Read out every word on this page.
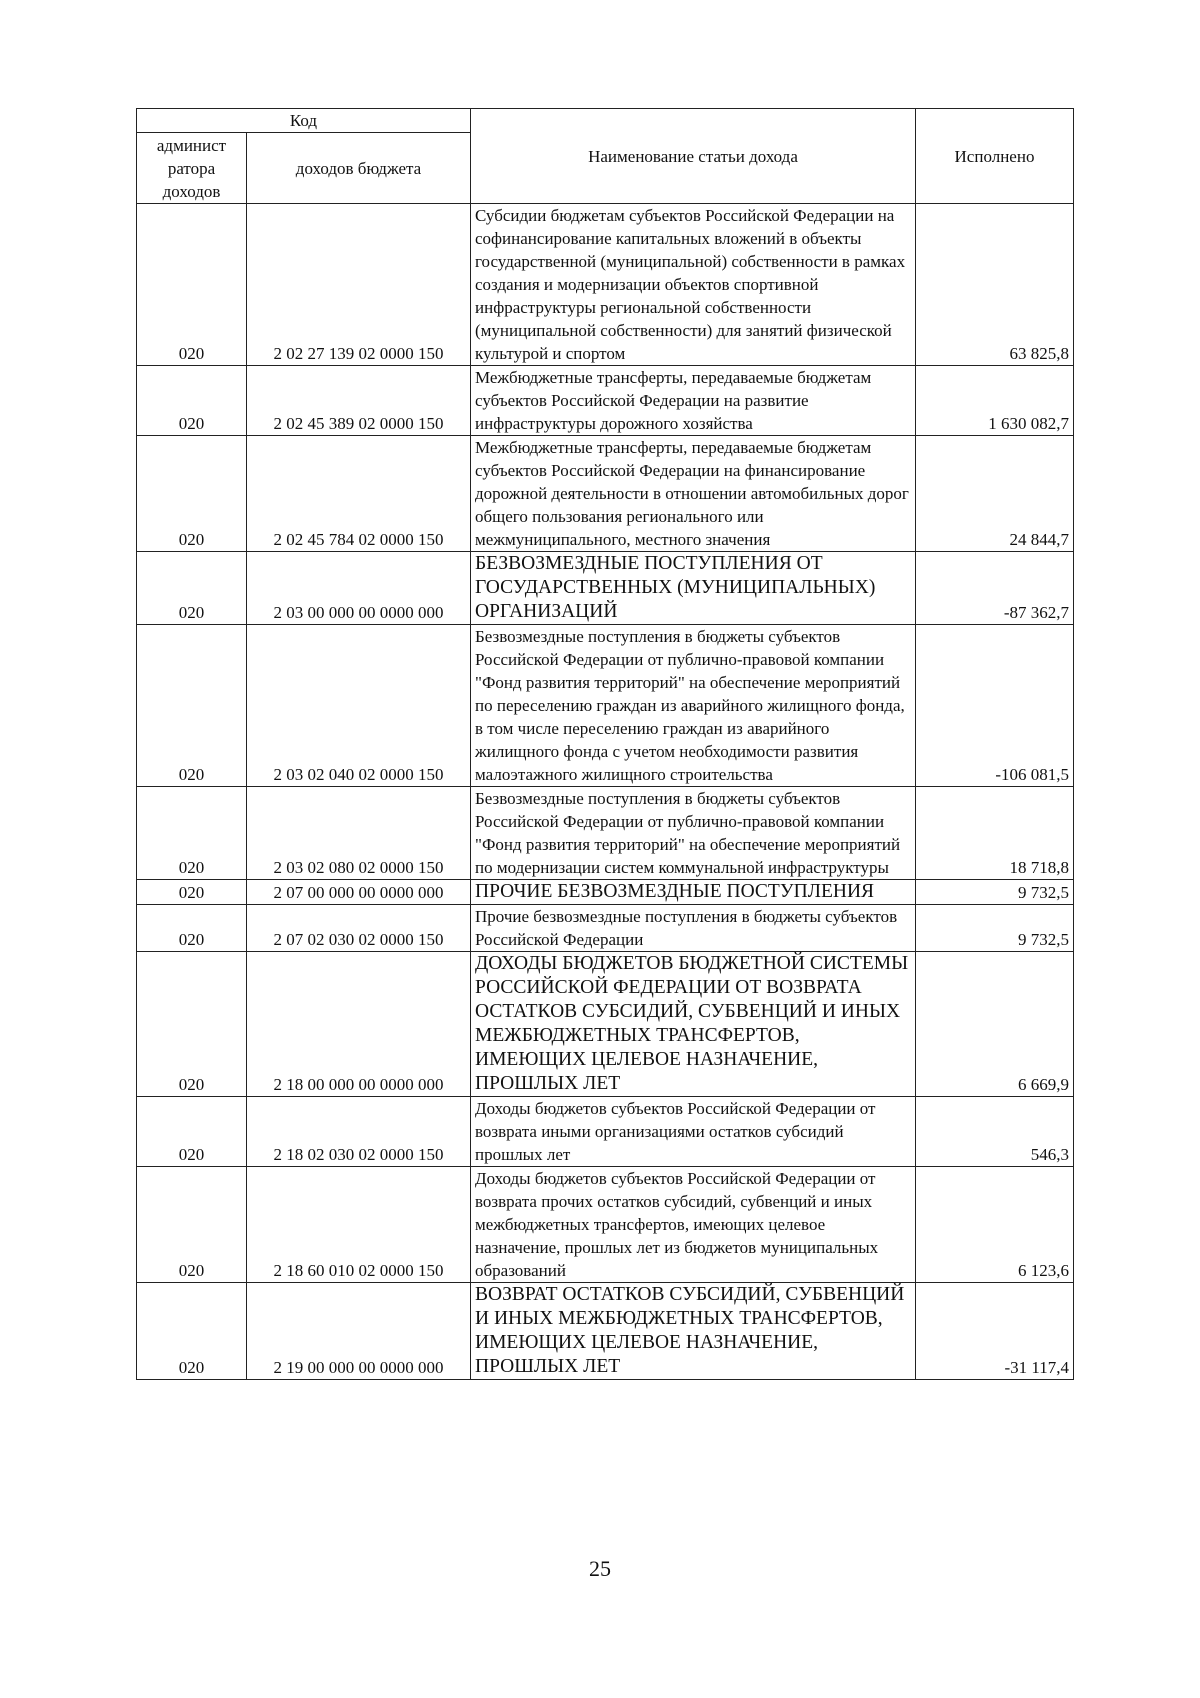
Код		Наименование статьи дохода	Исполнено
админист ратора доходов	доходов бюджета		
020	2 02 27 139 02 0000 150	Субсидии бюджетам субъектов Российской Федерации на софинансирование капитальных вложений в объекты государственной (муниципальной) собственности в рамках создания и модернизации объектов спортивной инфраструктуры региональной собственности (муниципальной собственности) для занятий физической культурой и спортом	63 825,8
020	2 02 45 389 02 0000 150	Межбюджетные трансферты, передаваемые бюджетам субъектов Российской Федерации на развитие инфраструктуры дорожного хозяйства	1 630 082,7
020	2 02 45 784 02 0000 150	Межбюджетные трансферты, передаваемые бюджетам субъектов Российской Федерации на финансирование дорожной деятельности в отношении автомобильных дорог общего пользования регионального или межмуниципального, местного значения	24 844,7
020	2 03 00 000 00 0000 000	БЕЗВОЗМЕЗДНЫЕ ПОСТУПЛЕНИЯ ОТ ГОСУДАРСТВЕННЫХ (МУНИЦИПАЛЬНЫХ) ОРГАНИЗАЦИЙ	-87 362,7
020	2 03 02 040 02 0000 150	Безвозмездные поступления в бюджеты субъектов Российской Федерации от публично-правовой компании "Фонд развития территорий" на обеспечение мероприятий по переселению граждан из аварийного жилищного фонда, в том числе переселению граждан из аварийного жилищного фонда с учетом необходимости развития малоэтажного жилищного строительства	-106 081,5
020	2 03 02 080 02 0000 150	Безвозмездные поступления в бюджеты субъектов Российской Федерации от публично-правовой компании "Фонд развития территорий" на обеспечение мероприятий по модернизации систем коммунальной инфраструктуры	18 718,8
020	2 07 00 000 00 0000 000	ПРОЧИЕ БЕЗВОЗМЕЗДНЫЕ ПОСТУПЛЕНИЯ	9 732,5
020	2 07 02 030 02 0000 150	Прочие безвозмездные поступления в бюджеты субъектов Российской Федерации	9 732,5
020	2 18 00 000 00 0000 000	ДОХОДЫ БЮДЖЕТОВ БЮДЖЕТНОЙ СИСТЕМЫ РОССИЙСКОЙ ФЕДЕРАЦИИ ОТ ВОЗВРАТА ОСТАТКОВ СУБСИДИЙ, СУБВЕНЦИЙ И ИНЫХ МЕЖБЮДЖЕТНЫХ ТРАНСФЕРТОВ, ИМЕЮЩИХ ЦЕЛЕВОЕ НАЗНАЧЕНИЕ, ПРОШЛЫХ ЛЕТ	6 669,9
020	2 18 02 030 02 0000 150	Доходы бюджетов субъектов Российской Федерации от возврата иными организациями остатков субсидий прошлых лет	546,3
020	2 18 60 010 02 0000 150	Доходы бюджетов субъектов Российской Федерации от возврата прочих остатков субсидий, субвенций и иных межбюджетных трансфертов, имеющих целевое назначение, прошлых лет из бюджетов муниципальных образований	6 123,6
020	2 19 00 000 00 0000 000	ВОЗВРАТ ОСТАТКОВ СУБСИДИЙ, СУБВЕНЦИЙ И ИНЫХ МЕЖБЮДЖЕТНЫХ ТРАНСФЕРТОВ, ИМЕЮЩИХ ЦЕЛЕВОЕ НАЗНАЧЕНИЕ, ПРОШЛЫХ ЛЕТ	-31 117,4
25
